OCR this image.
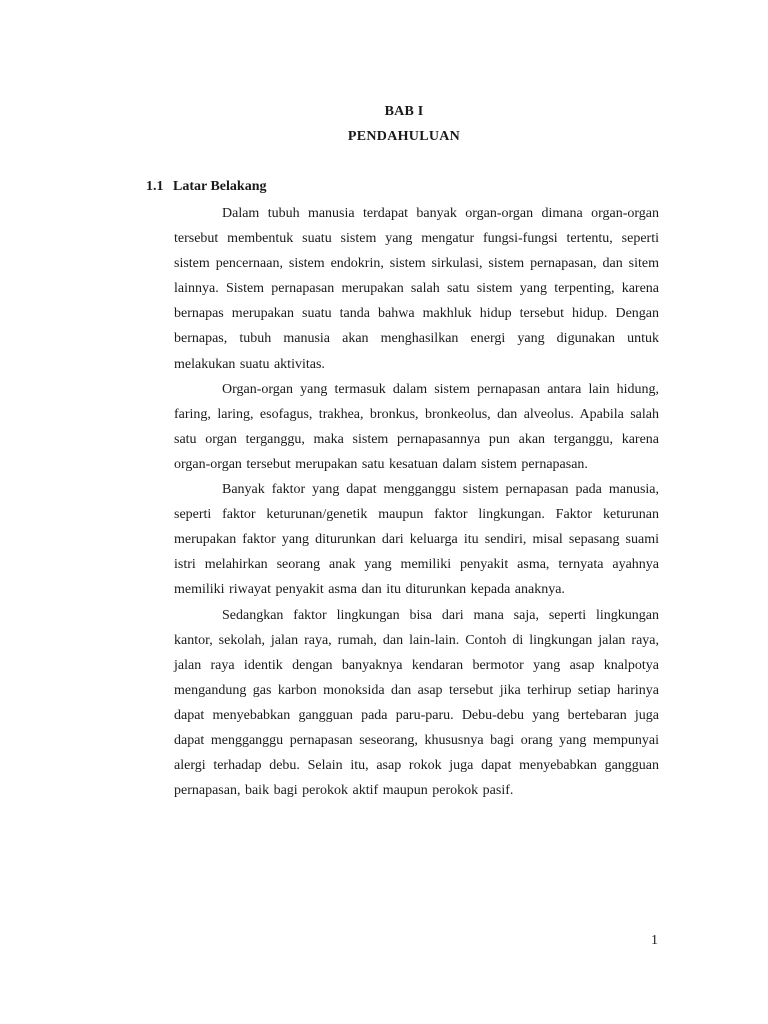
BAB I
PENDAHULUAN
1.1 Latar Belakang

Dalam tubuh manusia terdapat banyak organ-organ dimana organ-organ tersebut membentuk suatu sistem yang mengatur fungsi-fungsi tertentu, seperti sistem pencernaan, sistem endokrin, sistem sirkulasi, sistem pernapasan, dan sitem lainnya. Sistem pernapasan merupakan salah satu sistem yang terpenting, karena bernapas merupakan suatu tanda bahwa makhluk hidup tersebut hidup. Dengan bernapas, tubuh manusia akan menghasilkan energi yang digunakan untuk melakukan suatu aktivitas.

Organ-organ yang termasuk dalam sistem pernapasan antara lain hidung, faring, laring, esofagus, trakhea, bronkus, bronkeolus, dan alveolus. Apabila salah satu organ terganggu, maka sistem pernapasannya pun akan terganggu, karena organ-organ tersebut merupakan satu kesatuan dalam sistem pernapasan.

Banyak faktor yang dapat mengganggu sistem pernapasan pada manusia, seperti faktor keturunan/genetik maupun faktor lingkungan. Faktor keturunan merupakan faktor yang diturunkan dari keluarga itu sendiri, misal sepasang suami istri melahirkan seorang anak yang memiliki penyakit asma, ternyata ayahnya memiliki riwayat penyakit asma dan itu diturunkan kepada anaknya.

Sedangkan faktor lingkungan bisa dari mana saja, seperti lingkungan kantor, sekolah, jalan raya, rumah, dan lain-lain. Contoh di lingkungan jalan raya, jalan raya identik dengan banyaknya kendaran bermotor yang asap knalpotya mengandung gas karbon monoksida dan asap tersebut jika terhirup setiap harinya dapat menyebabkan gangguan pada paru-paru. Debu-debu yang bertebaran juga dapat mengganggu pernapasan seseorang, khususnya bagi orang yang mempunyai alergi terhadap debu. Selain itu, asap rokok juga dapat menyebabkan gangguan pernapasan, baik bagi perokok aktif maupun perokok pasif.

1
